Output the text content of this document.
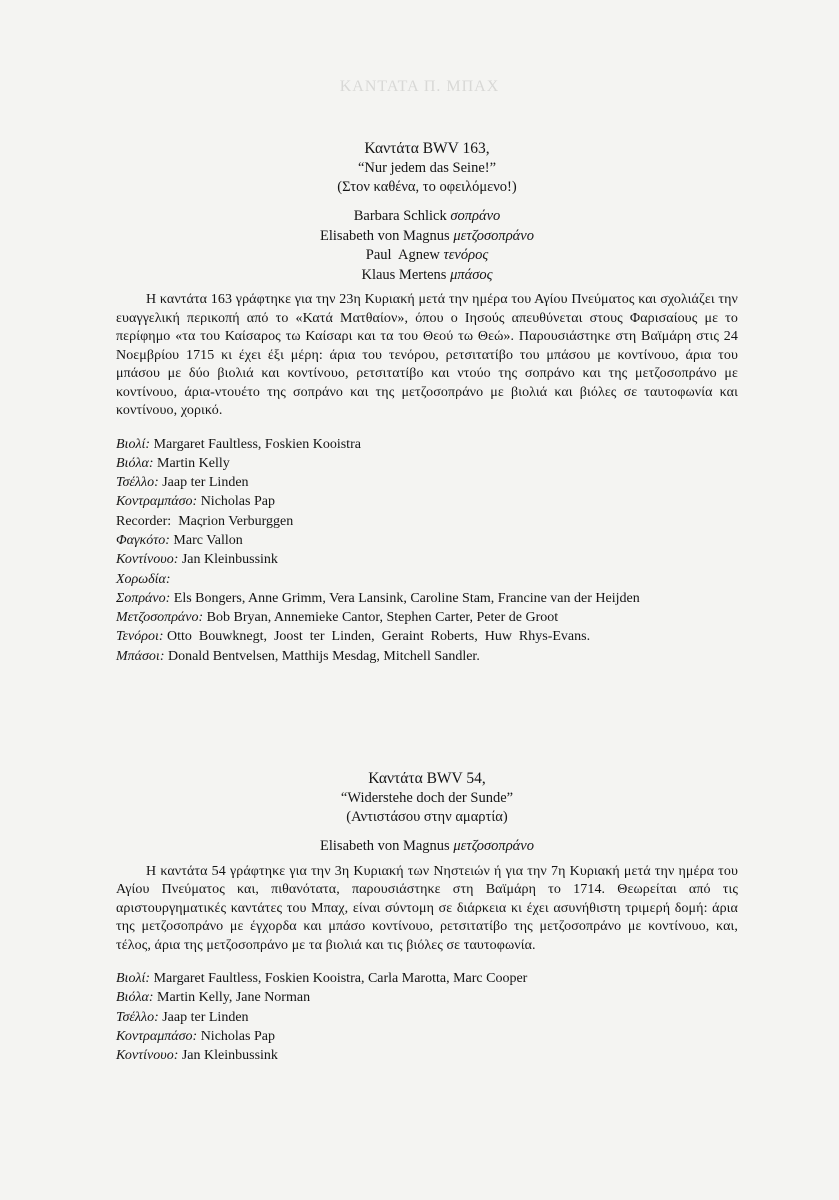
ΚΑΝΤΑΤΑ Π. ΜΠΑΧ
Καντάτα BWV 163,
“Nur jedem das Seine!”
(Στον καθένα, το οφειλόμενο!)
Barbara Schlick σοπράνο
Elisabeth von Magnus μετζοσοπράνο
Paul  Agnew τενόρος
Klaus Mertens μπάσος

Η καντάτα 163 γράφτηκε για την 23η Κυριακή μετά την ημέρα του Αγίου Πνεύματος και σχολιάζει την ευαγγελική περικοπή από το «Κατά Ματθαίον», όπου ο Ιησούς απευθύνεται στους Φαρισαίους με το περίφημο «τα του Καίσαρος τω Καίσαρι και τα του Θεού τω Θεώ». Παρουσιάστηκε στη Βαϊμάρη στις 24 Νοεμβρίου 1715 κι έχει έξι μέρη: άρια του τενόρου, ρετσιτατίβο του μπάσου με κοντίνουο, άρια του μπάσου με δύο βιολιά και κοντίνουο, ρετσιτατίβο και ντούο της σοπράνο και της μετζοσοπράνο με κοντίνουο, άρια-ντουέτο της σοπράνο και της μετζοσοπράνο με βιολιά και βιόλες σε ταυτοφωνία και κοντίνουο, χορικό.

Βιολί: Margaret Faultless, Foskien Kooistra
Βιόλα: Martin Kelly
Τσέλλο: Jaap ter Linden
Κοντραμπάσο: Nicholas Pap
Recorder:  Maςrion Verburggen
Φαγκότο: Marc Vallon
Κοντίνουο: Jan Kleinbussink
Χορωδία:
Σοπράνο: Els Bongers, Anne Grimm, Vera Lansink, Caroline Stam, Francine van der Heijden
Μετζοσοπράνο: Bob Bryan, Annemieke Cantor, Stephen Carter, Peter de Groot
Τενόροι: Otto  Bouwknegt,  Joost  ter  Linden,  Geraint  Roberts,  Huw  Rhys-Evans.
Μπάσοι: Donald Bentvelsen, Matthijs Mesdag, Mitchell Sandler.
Καντάτα BWV 54,
“Widerstehe doch der Sunde”
(Αντιστάσου στην αμαρτία)
Elisabeth von Magnus μετζοσοπράνο

Η καντάτα 54 γράφτηκε για την 3η Κυριακή των Νηστειών ή για την 7η Κυριακή μετά την ημέρα του Αγίου Πνεύματος και, πιθανότατα, παρουσιάστηκε στη Βαϊμάρη το 1714. Θεωρείται από τις αριστουργηματικές καντάτες του Μπαχ, είναι σύντομη σε διάρκεια κι έχει ασυνήθιστη τριμερή δομή: άρια της μετζοσοπράνο με έγχορδα και μπάσο κοντίνουο, ρετσιτατίβο της μετζοσοπράνο με κοντίνουο, και, τέλος, άρια της μετζοσοπράνο με τα βιολιά και τις βιόλες σε ταυτοφωνία.

Βιολί: Margaret Faultless, Foskien Kooistra, Carla Marotta, Marc Cooper
Βιόλα: Martin Kelly, Jane Norman
Τσέλλο: Jaap ter Linden
Κοντραμπάσο: Nicholas Pap
Κοντίνουο: Jan Kleinbussink
